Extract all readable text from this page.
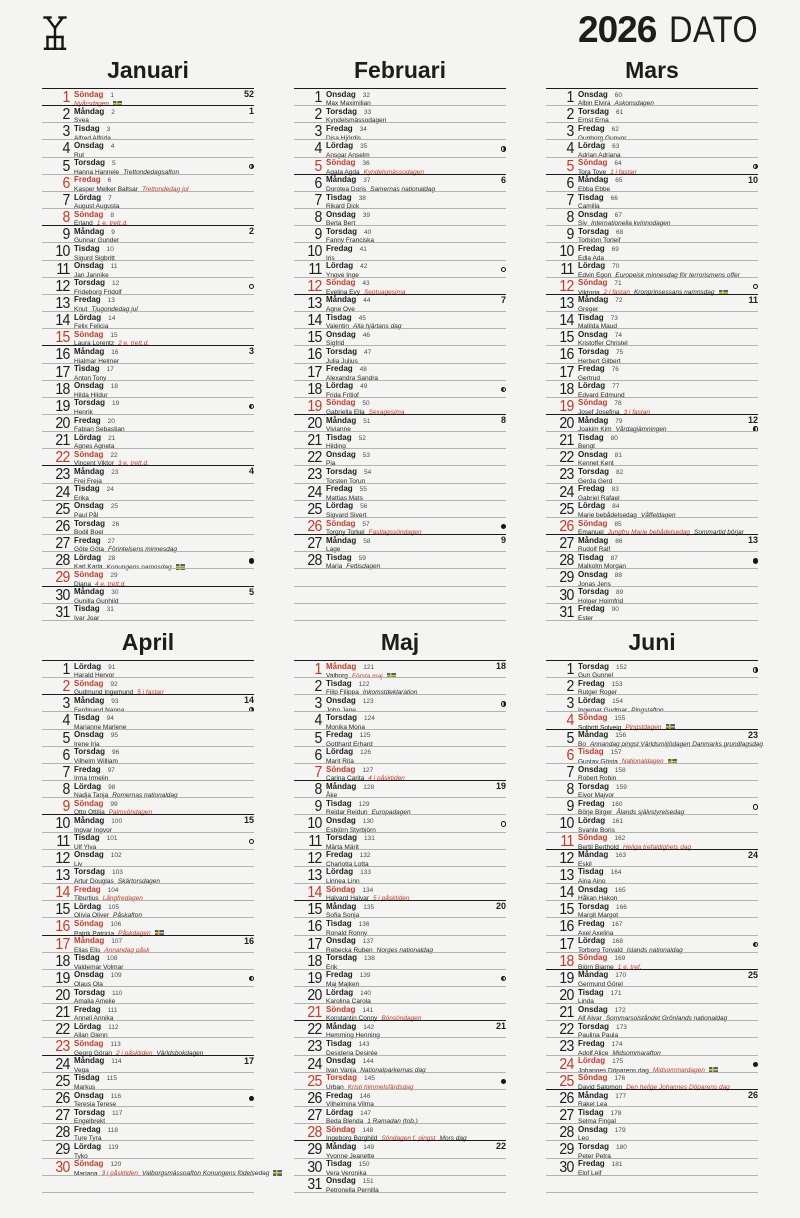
2026 DATO
Januari
1 Söndag 1
Nyårsdagen
52
2 Måndag 2
Svea
1
3 Tisdag 3
Alfred Alfrida
4 Onsdag 4
Rut
5 Torsdag 5
Hanna Hannele Trettondedagsafton
6 Fredag 6
Kasper Melker Baltsar Trettondedag jul
7 Lördag 7
August Augusta
8 Söndag 8
Erland 1 e. trett.d.
9 Måndag 9
Gunnar Gunder
2
10 Tisdag 10
Sigurd Sigbritt
11 Onsdag 11
Jan Jannike
12 Torsdag 12
Frideborg Fridolf
13 Fredag 13
Knut Tjugondedag jul
14 Lördag 14
Felix Felicia
15 Söndag 15
Laura Lorentz 2 e. trett.d.
16 Måndag 16
Hjalmar Helmer
3
17 Tisdag 17
Anton Tony
18 Onsdag 18
Hilda Hildur
19 Torsdag 19
Henrik
20 Fredag 20
Fabian Sebastian
21 Lördag 21
Agnes Agneta
22 Söndag 22
Vincent Viktor 3 e. trett.d.
23 Måndag 23
Frej Freja
4
24 Tisdag 24
Erika
25 Onsdag 25
Paul Pål
26 Torsdag 26
Bodil Boel
27 Fredag 27
Göte Göta Förintelsens minnesdag
28 Lördag 28
Karl Karla Konungens namnsdag
29 Söndag 29
Diana 4 e. trett.d.
30 Måndag 30
Gunilla Gunhild
5
31 Tisdag 31
Ivar Joar
Februari
1 Onsdag 32
Max Maximilian
2 Torsdag 33
Kyndelsmässodagen
3 Fredag 34
Disa Hjördis
4 Lördag 35
Ansgar Anselm
5 Söndag 36
Agata Agda Kyndelsmässodagen
6 Måndag 37
Dorotea Doris Samernas nationaldag
6
7 Tisdag 38
Rikard Dick
8 Onsdag 39
Berta Bert
9 Torsdag 40
Fanny Franciska
10 Fredag 41
Iris
11 Lördag 42
Yngve Inge
12 Söndag 43
Evelina Evy Septuagesima
13 Måndag 44
Agne Ove
7
14 Tisdag 45
Valentin Alla hjärtans dag
15 Onsdag 46
Sigfrid
16 Torsdag 47
Julia Julius
17 Fredag 48
Alexandra Sandra
18 Lördag 49
Frida Fritiof
19 Söndag 50
Gabriella Ella Sexagesima
20 Måndag 51
Vivianne
8
21 Tisdag 52
Hilding
22 Onsdag 53
Pia
23 Torsdag 54
Torsten Torun
24 Fredag 55
Mattias Mats
25 Lördag 56
Sigvard Sivert
26 Söndag 57
Torgny Torkel Fastlagssöndagen
27 Måndag 58
Lage
9
28 Tisdag 59
Maria Fettisdagen
Mars
1 Onsdag 60
Albin Elvira Askonsdagen
2 Torsdag 61
Ernst Erna
3 Fredag 62
Gunborg Gunvor
4 Lördag 63
Adrian Adriana
5 Söndag 64
Tora Tove 1 i fastan
6 Måndag 65
Ebba Ebbe
10
7 Tisdag 66
Camilla
8 Onsdag 67
Siv Internationella kvinnodagen
9 Torsdag 68
Torbjörn Torleif
10 Fredag 69
Edla Ada
11 Lördag 70
Edvin Egon Europeisk minnesdag för terrorismens offer
12 Söndag 71
Viktoria 2 i fastan Kronprinsessans namnsdag
13 Måndag 72
Greger
11
14 Tisdag 73
Matilda Maud
15 Onsdag 74
Kristoffer Christel
16 Torsdag 75
Herbert Gilbert
17 Fredag 76
Gertrud
18 Lördag 77
Edvard Edmund
19 Söndag 78
Josef Josefina 3 i fastan
20 Måndag 79
Joakim Kim Vårdagjämningen
12
21 Tisdag 80
Bengt
22 Onsdag 81
Kennet Kent
23 Torsdag 82
Gerda Gerd
24 Fredag 83
Gabriel Rafael
25 Lördag 84
Marie bebådelsedag Våffeldagen
26 Söndag 85
Emanuel Jungfru Marie bebådelsedag Sommartid börjar
27 Måndag 86
Rudolf Ralf
13
28 Tisdag 87
Malkolm Morgan
29 Onsdag 88
Jonas Jens
30 Torsdag 89
Holger Holmfrid
31 Fredag 90
Ester
April
1 Lördag 91
Harald Hervor
2 Söndag 92
Gudmund Ingemund 5 i fastan
3 Måndag 93
Ferdinand Nanna
14
4 Tisdag 94
Marianne Marlene
5 Onsdag 95
Irene Irja
6 Torsdag 96
Vilhelm William
7 Fredag 97
Irma Irmelin
8 Lördag 98
Nadja Tanja Romernas nationaldag
9 Söndag 99
Otto Ottilia Palmsöndagen
10 Måndag 100
Ingvar Ingvor
15
11 Tisdag 101
Ulf Ylva
12 Onsdag 102
Liv
13 Torsdag 103
Artur Douglas Skärtorsdagen
14 Fredag 104
Tiburtius Långfredagen
15 Lördag 105
Olivia Oliver Påskafton
16 Söndag 106
Patrik Patricia Påskdagen
17 Måndag 107
Elias Elis Annandag påsk
16
18 Tisdag 108
Valdemar Volmar
19 Onsdag 109
Olaus Ola
20 Torsdag 110
Amalia Amelie
21 Fredag 111
Anneli Annika
22 Lördag 112
Allan Glenn
23 Söndag 113
Georg Göran 2 i påsktiden Världsbokdagen
24 Måndag 114
Vega
17
25 Tisdag 115
Markus
26 Onsdag 116
Teresia Terese
27 Torsdag 117
Engelbrekt
28 Fredag 118
Ture Tyra
29 Lördag 119
Tyko
30 Söndag 120
Mariana 3 i påsktiden Valborgsmässoafton Konungens födelsedag
Maj
1 Måndag 121
Valborg Första maj
18
2 Tisdag 122
Filip Filippa Inkomstdeklaration
3 Onsdag 123
John Jane
4 Torsdag 124
Monika Mona
5 Fredag 125
Gotthard Erhard
6 Lördag 126
Marit Rita
7 Söndag 127
Carina Carita 4 i påsktiden
8 Måndag 128
Åke
19
9 Tisdag 129
Reidar Reidun Europadagen
10 Onsdag 130
Esbjörn Styrbjörn
11 Torsdag 131
Märta Märit
12 Fredag 132
Charlotta Lotta
13 Lördag 133
Linnea Linn
14 Söndag 134
Halvard Halvar 5 i påsktiden
15 Måndag 135
Sofia Sonja
20
16 Tisdag 136
Ronald Ronny
17 Onsdag 137
Rebecka Ruben Norges nationaldag
18 Torsdag 138
Erik
19 Fredag 139
Maj Majken
20 Lördag 140
Karolina Carola
21 Söndag 141
Konstantin Conny Bönsöndagen
22 Måndag 142
Hemming Henning
21
23 Tisdag 143
Desideria Desirée
24 Onsdag 144
Ivan Vanja Nationalparkernas dag
25 Torsdag 145
Urban Kristi himmelsfärdsdag
26 Fredag 146
Vilhelmina Vilma
27 Lördag 147
Beda Blenda 1 Ramadan (tob.)
28 Söndag 148
Ingeborg Borghild Söndagen f. pingst Mors dag
29 Måndag 149
Yvonne Jeanette
22
30 Tisdag 150
Vera Veronika
31 Onsdag 151
Petronella Pernilla
Juni
1 Torsdag 152
Gun Gunnel
2 Fredag 153
Rutger Roger
3 Lördag 154
Ingemar Gudmar Pingstafton
4 Söndag 155
Solbritt Solveig Pingstdagen
5 Måndag 156
Bo Annandag pingst Världsmiljödagen Danmarks grundlagsdag
23
6 Tisdag 157
Gustav Gösta Nationaldagen
7 Onsdag 158
Robert Robin
8 Torsdag 159
Eivor Majvor
9 Fredag 160
Börje Birger Ålands självstyrelsedag
10 Lördag 161
Svante Boris
11 Söndag 162
Bertil Berthold Heliga trefaldighets dag
12 Måndag 163
Eskil
24
13 Tisdag 164
Aina Aino
14 Onsdag 165
Håkan Hakon
15 Torsdag 166
Margit Margot
16 Fredag 167
Axel Axelina
17 Lördag 168
Torborg Torvald Islands nationaldag
18 Söndag 169
Björn Bjarne 1 e. tref.
19 Måndag 170
Germund Görel
25
20 Tisdag 171
Linda
21 Onsdag 172
Alf Alvar Sommarsolståndet Grönlands nationaldag
22 Torsdag 173
Paulina Paula
23 Fredag 174
Adolf Alice Midsommarafton
24 Lördag 175
Johannes Döparens dag Midsommardagen
25 Söndag 176
David Salomon Den helige Johannes Döparens dag
26 Måndag 177
Rakel Lea
26
27 Tisdag 178
Selma Fingal
28 Onsdag 179
Leo
29 Torsdag 180
Peter Petra
30 Fredag 181
Elof Leif
